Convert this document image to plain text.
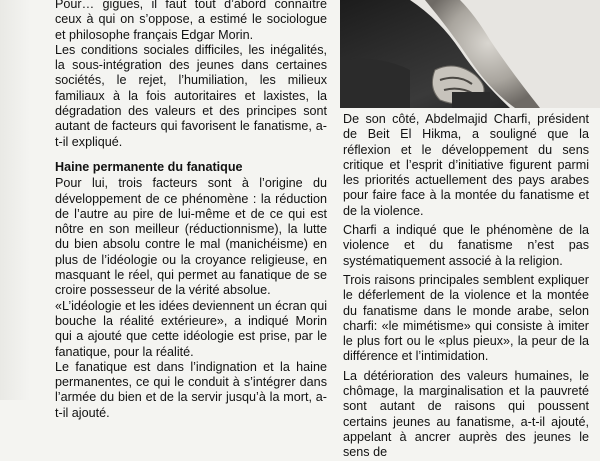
Pour… gigues, il faut tout d’abord connaître ceux à qui on s’oppose, a estimé le sociologue et philosophe français Edgar Morin.

Les conditions sociales difficiles, les inégalités, la sous-intégration des jeunes dans certaines sociétés, le rejet, l’humiliation, les milieux familiaux à la fois autoritaires et laxistes, la dégradation des valeurs et des principes sont autant de facteurs qui favorisent le fanatisme, a-t-il expliqué.

Haine permanente du fanatique

Pour lui, trois facteurs sont à l’origine du développement de ce phénomène : la réduction de l’autre au pire de lui-même et de ce qui est nôtre en son meilleur (réductionnisme), la lutte du bien absolu contre le mal (manichéisme) en plus de l’idéologie ou la croyance religieuse, en masquant le réel, qui permet au fanatique de se croire possesseur de la vérité absolue.

«L’idéologie et les idées deviennent un écran qui bouche la réalité extérieure», a indiqué Morin qui a ajouté que cette idéologie est prise, par le fanatique, pour la réalité.

Le fanatique est dans l’indignation et la haine permanentes, ce qui le conduit à s’intégrer dans l’armée du bien et de la servir jusqu’à la mort, a-t-il ajouté.

De son côté, Abdelmajid Charfi, président de Beit El Hikma, a souligné que la réflexion et le développement du sens critique et l’esprit d’initiative figurent parmi les priorités actuellement des pays arabes pour faire face à la montée du fanatisme et de la violence.

Charfi a indiqué que le phénomène de la violence et du fanatisme n’est pas systématiquement associé à la religion.

Trois raisons principales semblent expliquer le déferlement de la violence et la montée du fanatisme dans le monde arabe, selon charfi: «le mimétisme» qui consiste à imiter le plus fort ou le «plus pieux», la peur de la différence et l’intimidation.

La détérioration des valeurs humaines, le chômage, la marginalisation et la pauvreté sont autant de raisons qui poussent certains jeunes au fanatisme, a-t-il ajouté, appelant à ancrer auprès des jeunes le sens de
